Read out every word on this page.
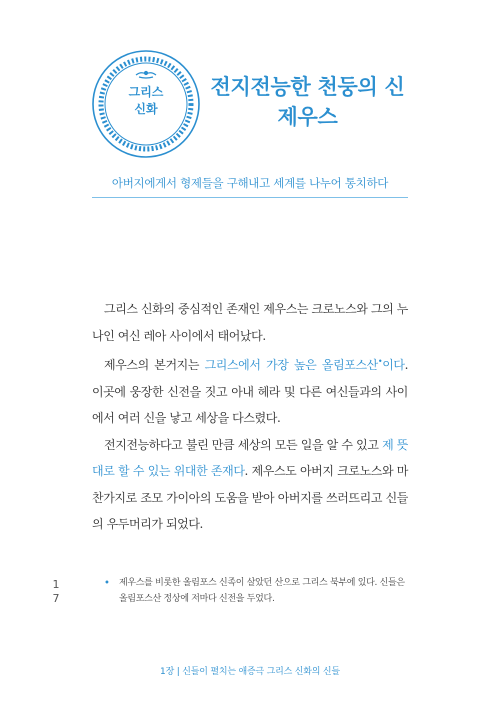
그리스
신화
전지전능한 천둥의 신
제우스
아버지에게서 형제들을 구해내고 세계를 나누어 통치하다

그리스 신화의 중심적인 존재인 제우스는 크로노스와 그의 누나인 여신 레아 사이에서 태어났다.

제우스의 본거지는 그리스에서 가장 높은 올림포스산•이다. 이곳에 웅장한 신전을 짓고 아내 헤라 및 다른 여신들과의 사이에서 여러 신을 낳고 세상을 다스렸다.

전지전능하다고 불린 만큼 세상의 모든 일을 알 수 있고 제 뜻대로 할 수 있는 위대한 존재다. 제우스도 아버지 크로노스와 마찬가지로 조모 가이아의 도움을 받아 아버지를 쓰러뜨리고 신들의 우두머리가 되었다.

1
7
• 제우스를 비롯한 올림포스 신족이 살았던 산으로 그리스 북부에 있다. 신들은 올림포스산 정상에 저마다 신전을 두었다.
1장 | 신들이 펼치는 애증극 그리스 신화의 신들
